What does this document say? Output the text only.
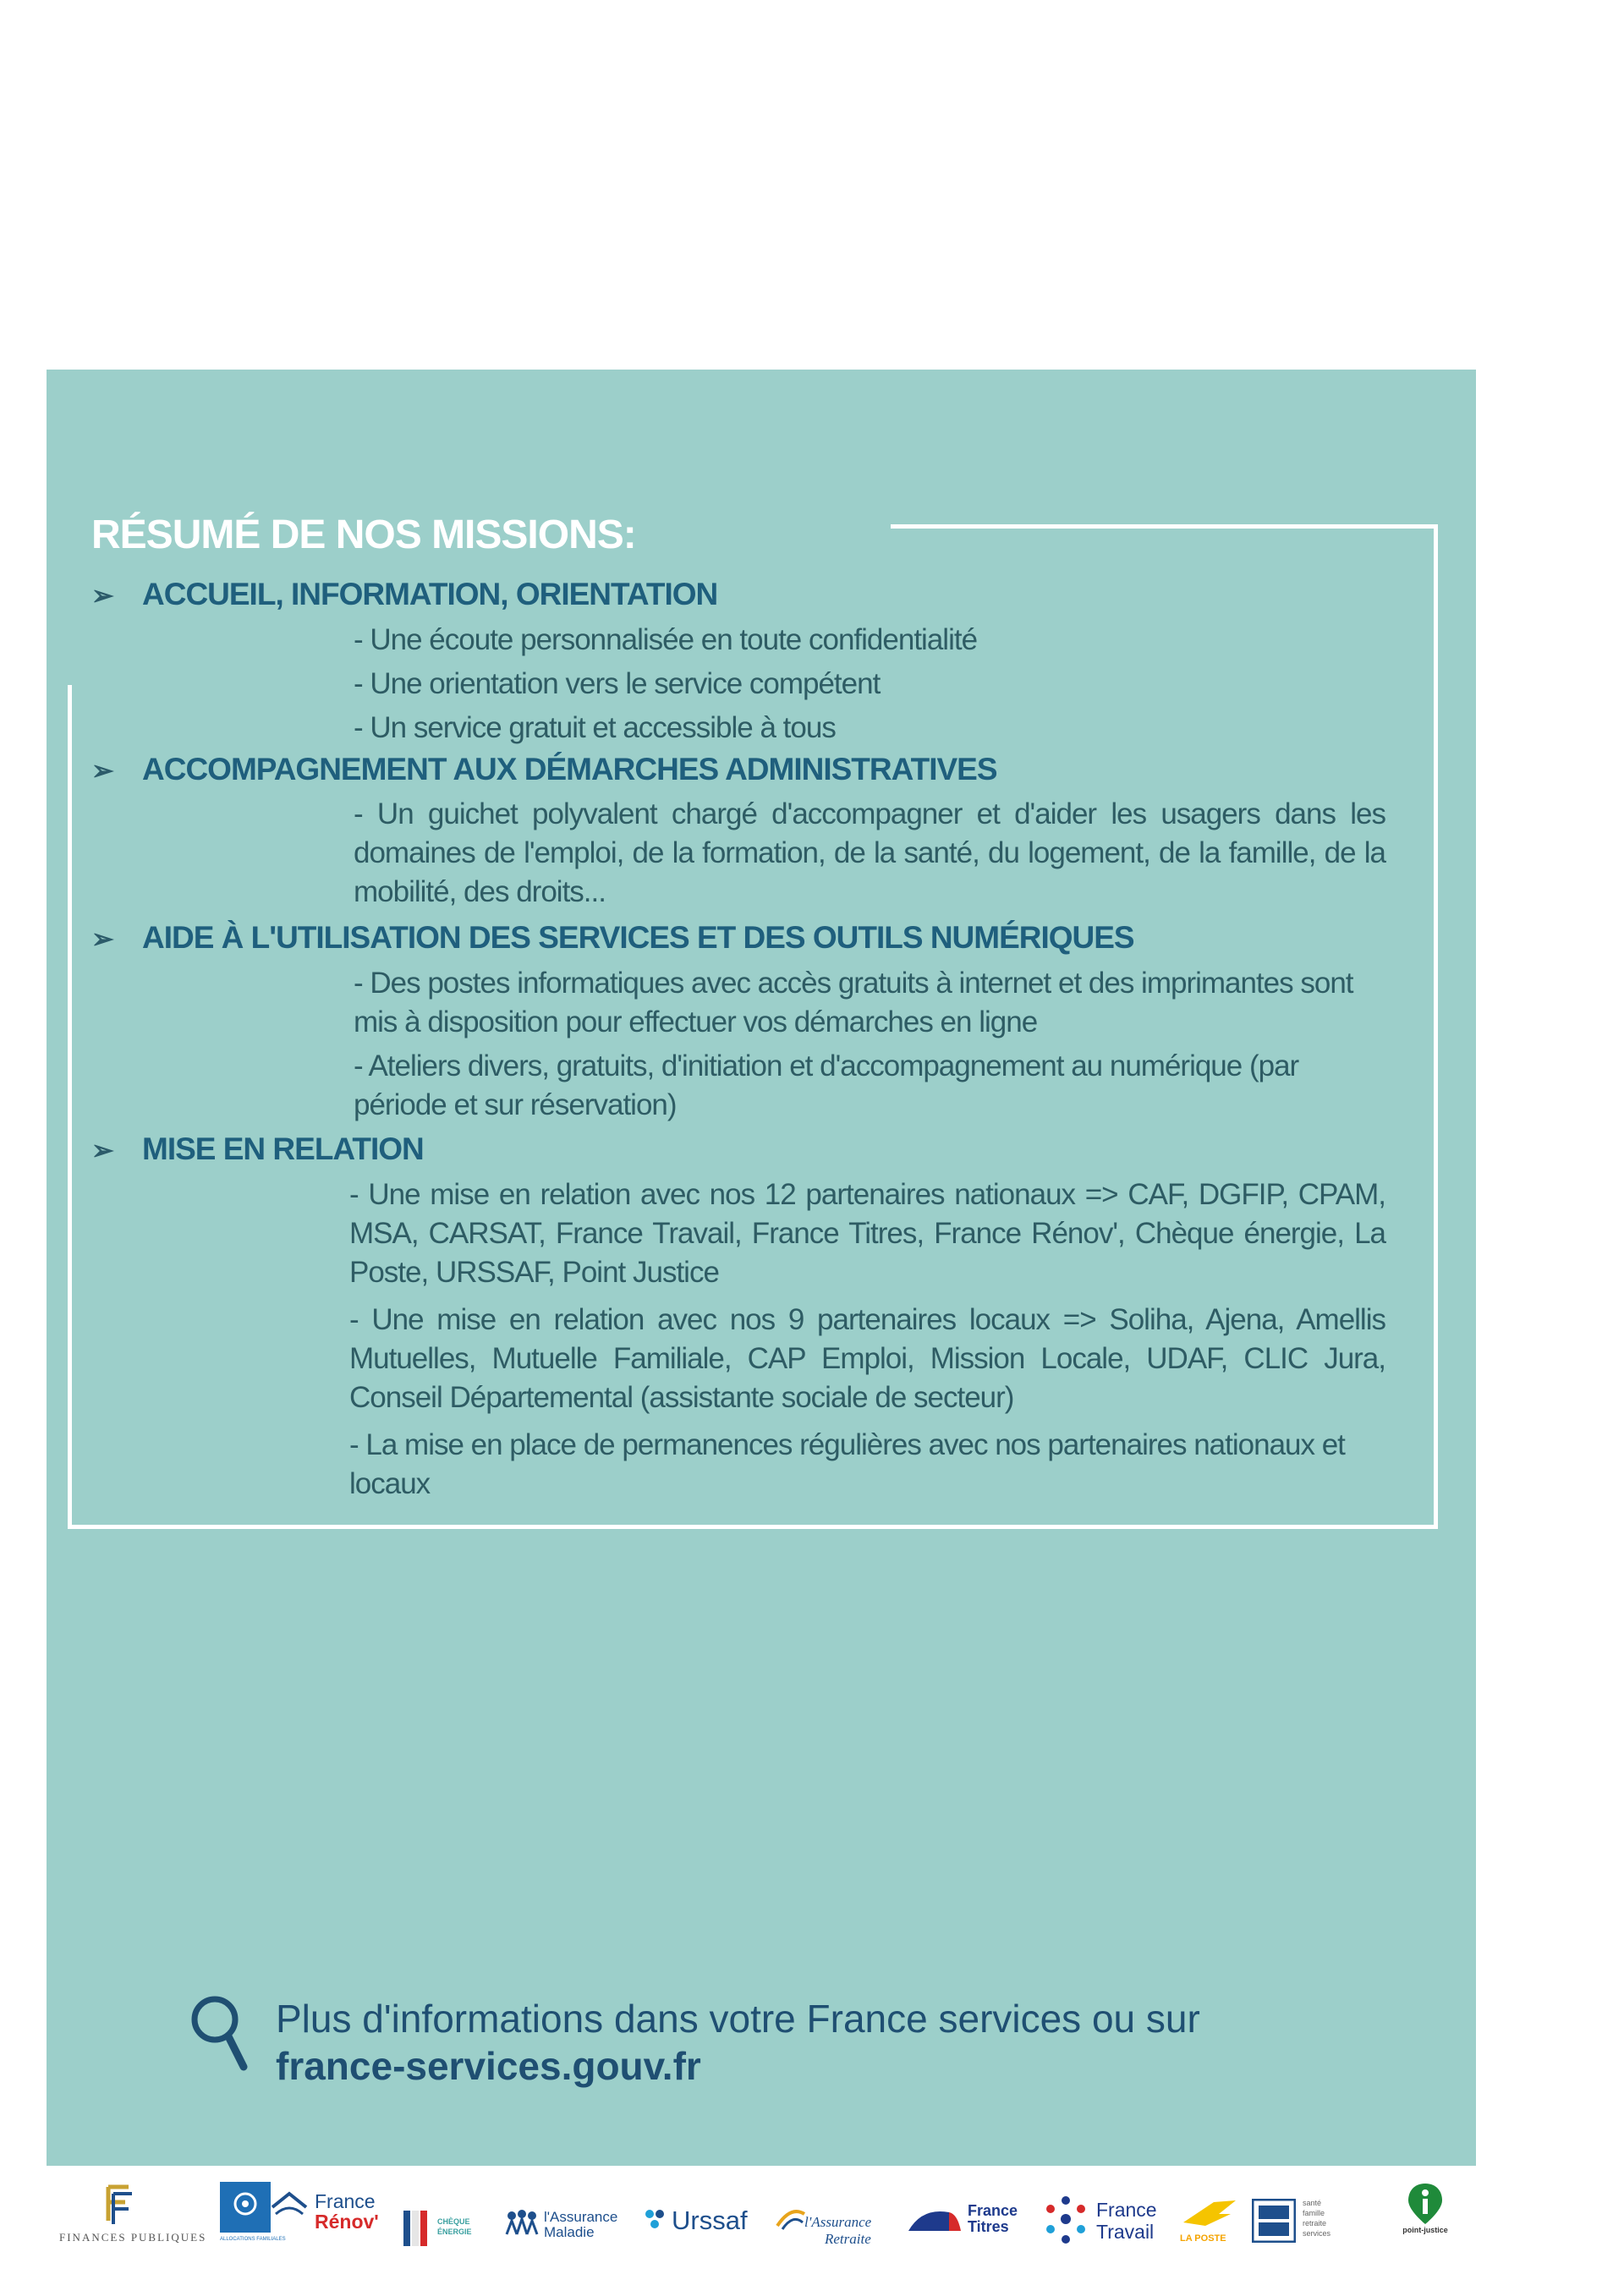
RÉSUMÉ DE NOS MISSIONS:
➢ ACCUEIL, INFORMATION, ORIENTATION
- Une écoute personnalisée en toute confidentialité
- Une orientation vers le service compétent
- Un service gratuit et accessible à tous
➢ ACCOMPAGNEMENT AUX DÉMARCHES ADMINISTRATIVES
- Un guichet polyvalent chargé d'accompagner et d'aider les usagers dans les domaines de l'emploi, de la formation, de la santé, du logement, de la famille, de la mobilité, des droits...
➢ AIDE À L'UTILISATION DES SERVICES ET DES OUTILS NUMÉRIQUES
- Des postes informatiques avec accès gratuits à internet et des imprimantes sont mis à disposition pour effectuer vos démarches en ligne
- Ateliers divers, gratuits, d'initiation et d'accompagnement au numérique (par période et sur réservation)
➢ MISE EN RELATION
- Une mise en relation avec nos 12 partenaires nationaux => CAF, DGFIP, CPAM, MSA, CARSAT, France Travail, France Titres, France Rénov', Chèque énergie, La Poste, URSSAF, Point Justice
- Une mise en relation avec nos 9 partenaires locaux => Soliha, Ajena, Amellis Mutuelles, Mutuelle Familiale, CAP Emploi, Mission Locale, UDAF, CLIC Jura, Conseil Départemental (assistante sociale de secteur)
- La mise en place de permanences régulières avec nos partenaires nationaux et locaux
Plus d'informations dans votre France services ou sur
france-services.gouv.fr
FINANCES PUBLIQUES	ALLOCATIONS FAMILIALES
France
Rénov'	CHÈQUE
ÉNERGIE
l'Assurance
Maladie	Urssaf	l'Assurance
Retraite
France
Titres
France
Travail	LA POSTE
santé
famille
retraite
services	point-justice
